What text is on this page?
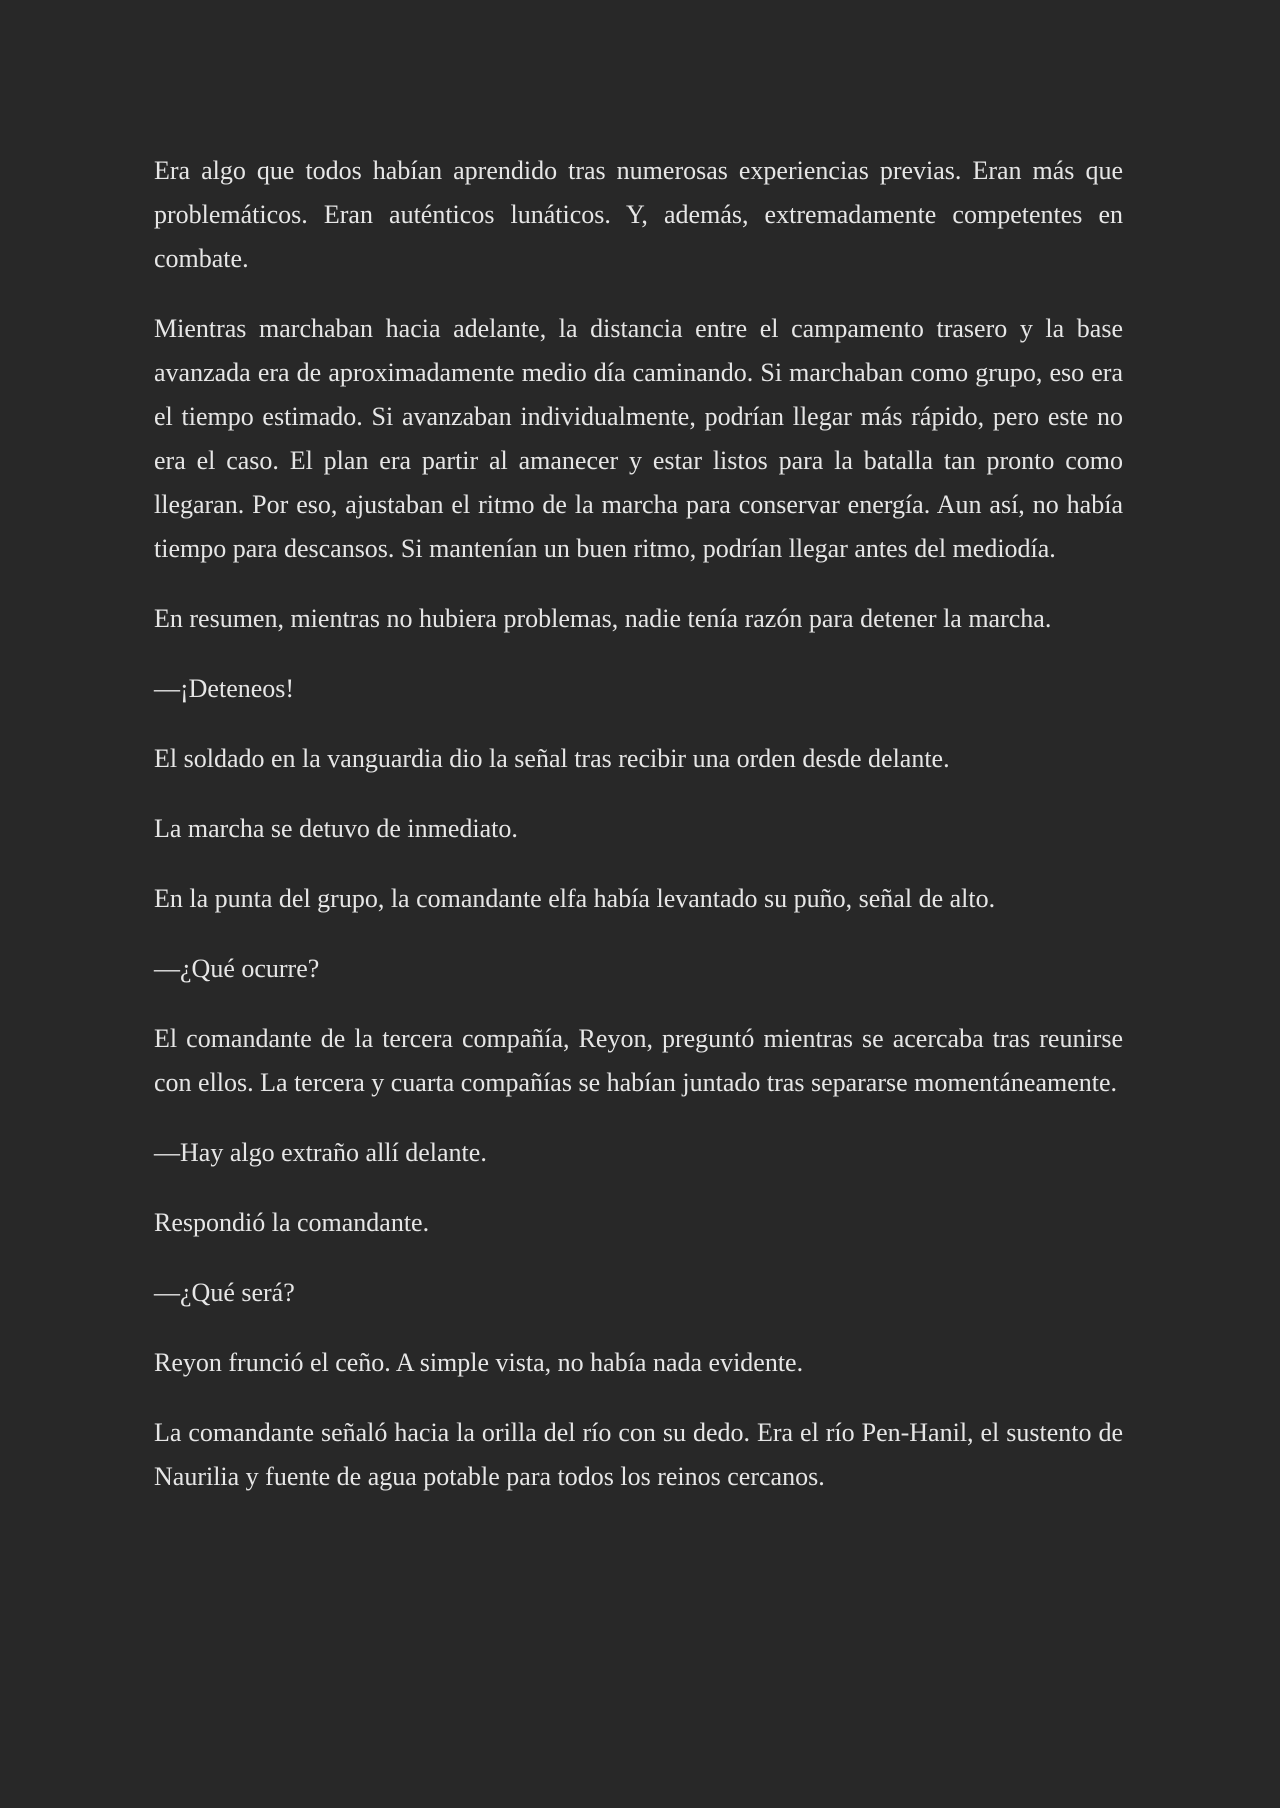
Era algo que todos habían aprendido tras numerosas experiencias previas. Eran más que problemáticos. Eran auténticos lunáticos. Y, además, extremadamente competentes en combate.

Mientras marchaban hacia adelante, la distancia entre el campamento trasero y la base avanzada era de aproximadamente medio día caminando. Si marchaban como grupo, eso era el tiempo estimado. Si avanzaban individualmente, podrían llegar más rápido, pero este no era el caso. El plan era partir al amanecer y estar listos para la batalla tan pronto como llegaran. Por eso, ajustaban el ritmo de la marcha para conservar energía. Aun así, no había tiempo para descansos. Si mantenían un buen ritmo, podrían llegar antes del mediodía.

En resumen, mientras no hubiera problemas, nadie tenía razón para detener la marcha.

—¡Deteneos!

El soldado en la vanguardia dio la señal tras recibir una orden desde delante.

La marcha se detuvo de inmediato.

En la punta del grupo, la comandante elfa había levantado su puño, señal de alto.

—¿Qué ocurre?

El comandante de la tercera compañía, Reyon, preguntó mientras se acercaba tras reunirse con ellos. La tercera y cuarta compañías se habían juntado tras separarse momentáneamente.

—Hay algo extraño allí delante.

Respondió la comandante.

—¿Qué será?

Reyon frunció el ceño. A simple vista, no había nada evidente.

La comandante señaló hacia la orilla del río con su dedo. Era el río Pen-Hanil, el sustento de Naurilia y fuente de agua potable para todos los reinos cercanos.
